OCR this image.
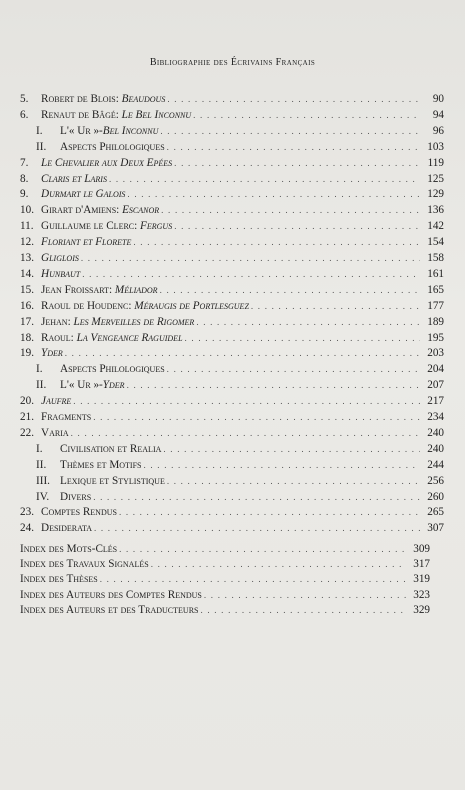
Bibliographie des Écrivains Français
5.	Robert de Blois: Beaudous . . .	90
6.	Renaut de Bâgé: Le Bel Inconnu . . .	94
I.	L'« Ur »-Bel Inconnu . . .	96
II.	Aspects Philologiques . . .	103
7.	Le Chevalier aux Deux Epées . . .	119
8.	Claris et Laris . . .	125
9.	Durmart le Galois . . .	129
10. Girart d'Amiens: Escanor . . .	136
11. Guillaume le Clerc: Fergus . . .	142
12. Floriant et Florete . . .	154
13. Gliglois . . .	158
14. Hunbaut . . .	161
15. Jean Froissart: Méliador . . .	165
16. Raoul de Houdenc: Méraugis de Portlesguez . . .	177
17. Jehan: Les Merveilles de Rigomer . . .	189
18. Raoul: La Vengeance Raguidel . . .	195
19. Yder . . .	203
I.	Aspects Philologiques . . .	204
II.	L'« Ur »-Yder . . .	207
20. Jaufre . . .	217
21. Fragments . . .	234
22. Varia . . .	240
I.	Civilisation et Realia . . .	240
II.	Thèmes et Motifs . . .	244
III. Lexique et Stylistique . . .	256
IV. Divers . . .	260
23. Comptes Rendus . . .	265
24. Desiderata . . .	307
Index des Mots-Clés . . .	309
Index des Travaux Signalés . . .	317
Index des Thèses . . .	319
Index des Auteurs des Comptes Rendus . . .	323
Index des Auteurs et des Traducteurs . . .	329
